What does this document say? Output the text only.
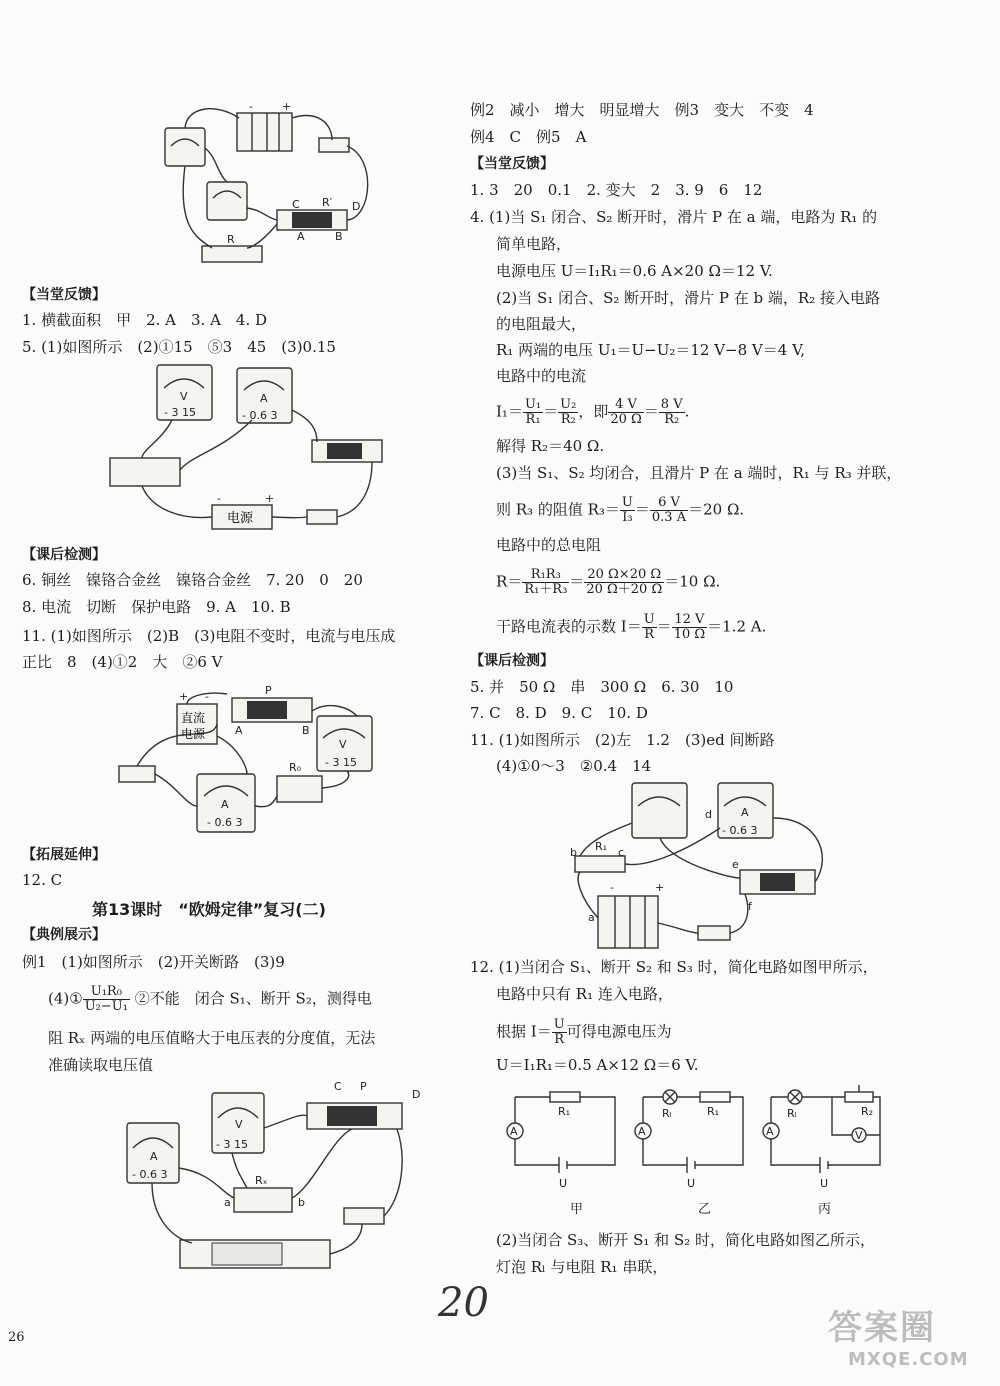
-	+
C R′ D
A	B
R
【当堂反馈】
1. 横截面积　甲　2. A　3. A　4. D
5. (1)如图所示　(2)①15　⑤3　45　(3)0.15
V	A
- 3 15	- 0.6 3
电源
-	+
【课后检测】
6. 铜丝　镍铬合金丝　镍铬合金丝　7. 20　0　20
8. 电流　切断　保护电路　9. A　10. B
11. (1)如图所示　(2)B　(3)电阻不变时，电流与电压成
正比　8　(4)①2　大　②6 V
P
+ -
直流
电源	A	B
V
R₀
A
- 0.6 3
- 3 15
【拓展延伸】
12. C
第13课时　“欧姆定律”复习(二)
【典例展示】
例1　(1)如图所示　(2)开关断路　(3)9
(4)① $\frac{\text{U₁R₀}}{\text{U₂−U₁}}$ ②不能　闭合 S₁、断开 S₂，测得电
阻 Rₓ 两端的电压值略大于电压表的分度值，无法
准确读取电压值
C P
D
V
A
a	b
Rₓ
- 0.6 3
- 3 15
例2　减小　增大　明显增大　例3　变大　不变　4
例4　C　例5　A
【当堂反馈】
1. 3　20　0.1　2. 变大　2　3. 9　6　12
4. (1)当 S₁ 闭合、S₂ 断开时，滑片 P 在 a 端，电路为 R₁ 的
简单电路，
电源电压 U＝I₁R₁＝0.6 A×20 Ω＝12 V.
(2)当 S₁ 闭合、S₂ 断开时，滑片 P 在 b 端，R₂ 接入电路
的电阻最大，
R₁ 两端的电压 U₁＝U−U₂＝12 V−8 V＝4 V,
电路中的电流
$I_1= \frac{\text{U₁}}{\text{R₁}} = \frac{\text{U₂}}{\text{R₂}}$ ，即 $\frac{4 V}{20 \Omega} = \frac{8 V}{\text{R₂}}$ .
解得 R₂＝40 Ω.
(3)当 S₁、S₂ 均闭合，且滑片 P 在 a 端时，R₁ 与 R₃ 并联，
则 R₃ 的阻值 $R_3= \frac{U}{\text{I₃}} = \frac{6 V}{0.3 A} =20$ Ω.
电路中的总电阻
$R= \frac{\text{R₁R₃}}{\text{R₁＋R₃}} = \frac{20 \Omega\times 20 \Omega}{20 \Omega+20 \Omega} =10$ Ω.
干路电流表的示数 $I= \frac{U}{R} = \frac{12 V}{10 \Omega} =1.2$ A.
【课后检测】
5. 并　50 Ω　串　300 Ω　6. 30　10
7. C　8. D　9. C　10. D
11. (1)如图所示　(2)左　1.2　(3)ed 间断路
(4)①0～3　②0.4　14
d
b	c
R₁
e
f
a
-	+
A
- 0.6 3
12. (1)当闭合 S₁、断开 S₂ 和 S₃ 时，简化电路如图甲所示，
电路中只有 R₁ 连入电路，
根据 $I= \frac{U}{R}$ 可得电源电压为
U＝I₁R₁＝0.5 A×12 Ω＝6 V.
A	A	A	V
R₁	Rₗ	R₁	Rₗ	R₂
U	U	U
甲	乙	丙
(2)当闭合 S₃、断开 S₁ 和 S₂ 时，简化电路如图乙所示，
灯泡 Rₗ 与电阻 R₁ 串联，
26
20
答案圈
MXQE.COM
